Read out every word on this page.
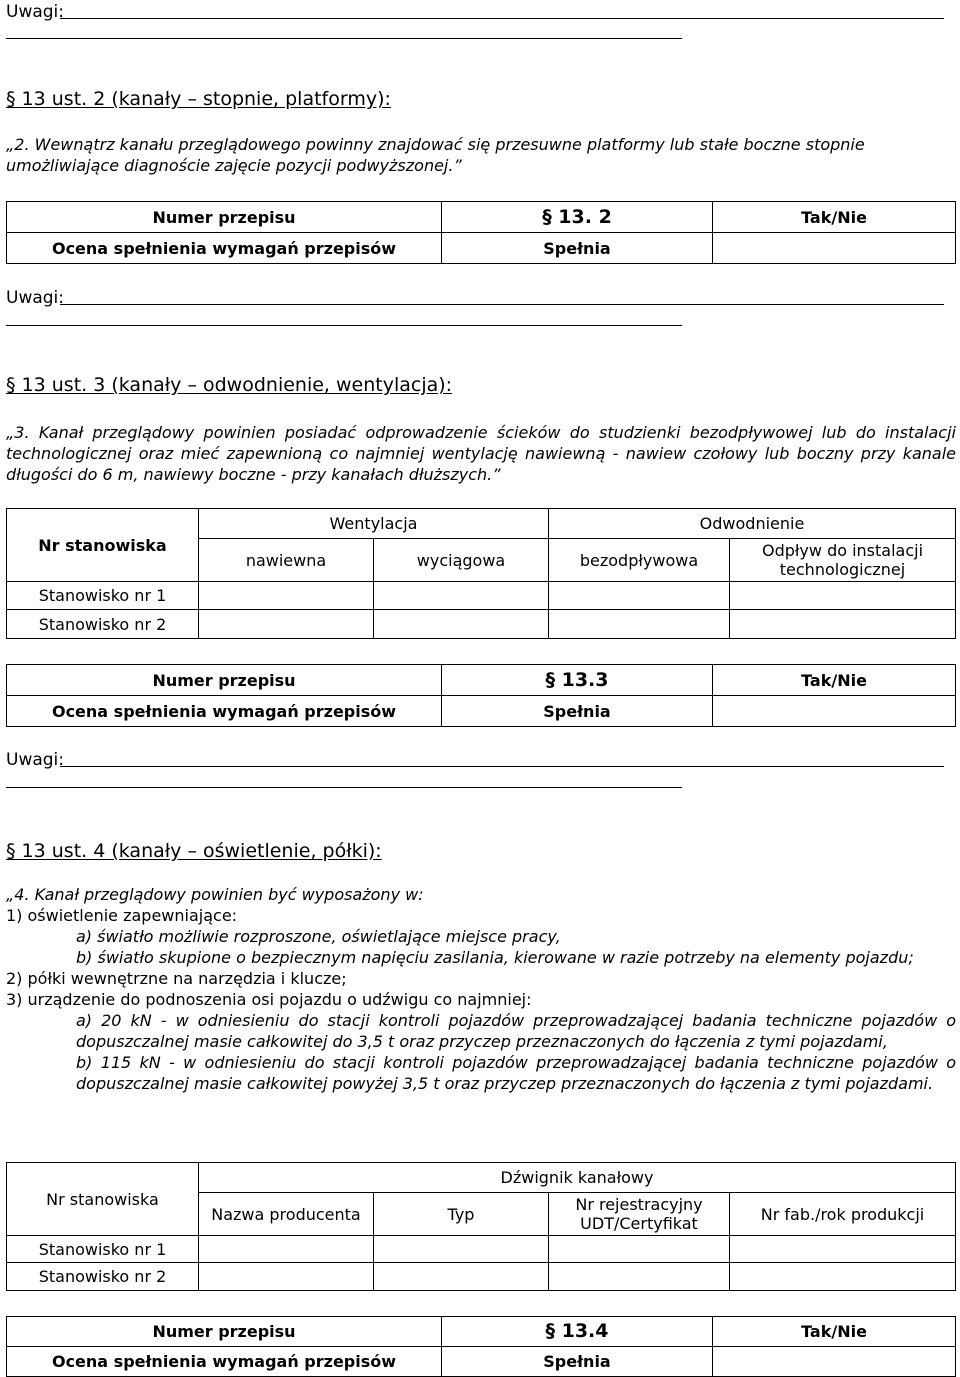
Uwagi:
§ 13 ust. 2 (kanały – stopnie, platformy):
„2. Wewnątrz kanału przeglądowego powinny znajdować się przesuwne platformy lub stałe boczne stopnie umożliwiające diagnoście zajęcie pozycji podwyższonej.”
Numer przepisu	§ 13. 2	Tak/Nie
Ocena spełnienia wymagań przepisów	Spełnia	
Uwagi:
§ 13 ust. 3 (kanały – odwodnienie, wentylacja):
„3. Kanał przeglądowy powinien posiadać odprowadzenie ścieków do studzienki bezodpływowej lub do instalacji technologicznej oraz mieć zapewnioną co najmniej wentylację nawiewną - nawiew czołowy lub boczny przy kanale długości do 6 m, nawiewy boczne - przy kanałach dłuższych.”
Nr stanowiska	Wentylacja		Odwodnienie	
	nawiewna	wyciągowa	bezodpływowa	Odpływ do instalacji technologicznej
Stanowisko nr 1				
Stanowisko nr 2				
Numer przepisu	§ 13.3	Tak/Nie
Ocena spełnienia wymagań przepisów	Spełnia	
Uwagi:
§ 13 ust. 4 (kanały – oświetlenie, półki):
„4. Kanał przeglądowy powinien być wyposażony w:
1) oświetlenie zapewniające:
a) światło możliwie rozproszone, oświetlające miejsce pracy,
b) światło skupione o bezpiecznym napięciu zasilania, kierowane w razie potrzeby na elementy pojazdu;
2) półki wewnętrzne na narzędzia i klucze;
3) urządzenie do podnoszenia osi pojazdu o udźwigu co najmniej:
a) 20 kN - w odniesieniu do stacji kontroli pojazdów przeprowadzającej badania techniczne pojazdów o dopuszczalnej masie całkowitej do 3,5 t oraz przyczep przeznaczonych do łączenia z tymi pojazdami,
b) 115 kN - w odniesieniu do stacji kontroli pojazdów przeprowadzającej badania techniczne pojazdów o dopuszczalnej masie całkowitej powyżej 3,5 t oraz przyczep przeznaczonych do łączenia z tymi pojazdami.
Nr stanowiska	Dźwignik kanałowy			
	Nazwa producenta	Typ	Nr rejestracyjny UDT/Certyfikat	Nr fab./rok produkcji
Stanowisko nr 1				
Stanowisko nr 2				
Numer przepisu	§ 13.4	Tak/Nie
Ocena spełnienia wymagań przepisów	Spełnia	
